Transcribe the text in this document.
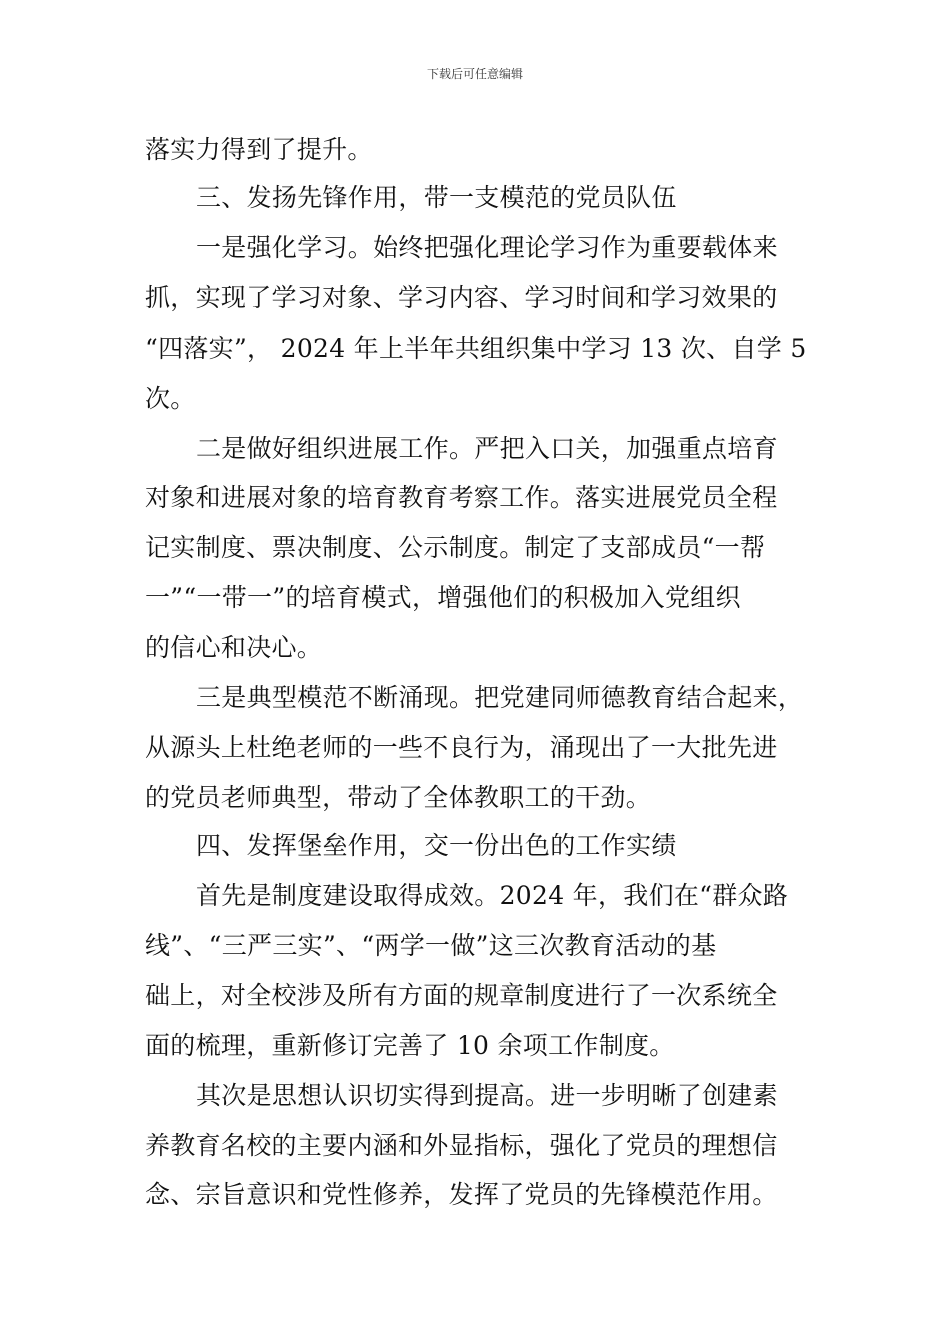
下载后可任意编辑
落实力得到了提升。
三、发扬先锋作用，带一支模范的党员队伍
一是强化学习。始终把强化理论学习作为重要载体来
抓，实现了学习对象、学习内容、学习时间和学习效果的
“四落实”， 2024 年上半年共组织集中学习 13 次、自学 5
次。
二是做好组织进展工作。严把入口关，加强重点培育
对象和进展对象的培育教育考察工作。落实进展党员全程
记实制度、票决制度、公示制度。制定了支部成员“一帮
一”“一带一”的培育模式，增强他们的积极加入党组织
的信心和决心。
三是典型模范不断涌现。把党建同师德教育结合起来，
从源头上杜绝老师的一些不良行为，涌现出了一大批先进
的党员老师典型，带动了全体教职工的干劲。
四、发挥堡垒作用，交一份出色的工作实绩
首先是制度建设取得成效。2024 年，我们在“群众路
线”、“三严三实”、“两学一做”这三次教育活动的基
础上，对全校涉及所有方面的规章制度进行了一次系统全
面的梳理，重新修订完善了 10 余项工作制度。
其次是思想认识切实得到提高。进一步明晰了创建素
养教育名校的主要内涵和外显指标，强化了党员的理想信
念、宗旨意识和党性修养，发挥了党员的先锋模范作用。
